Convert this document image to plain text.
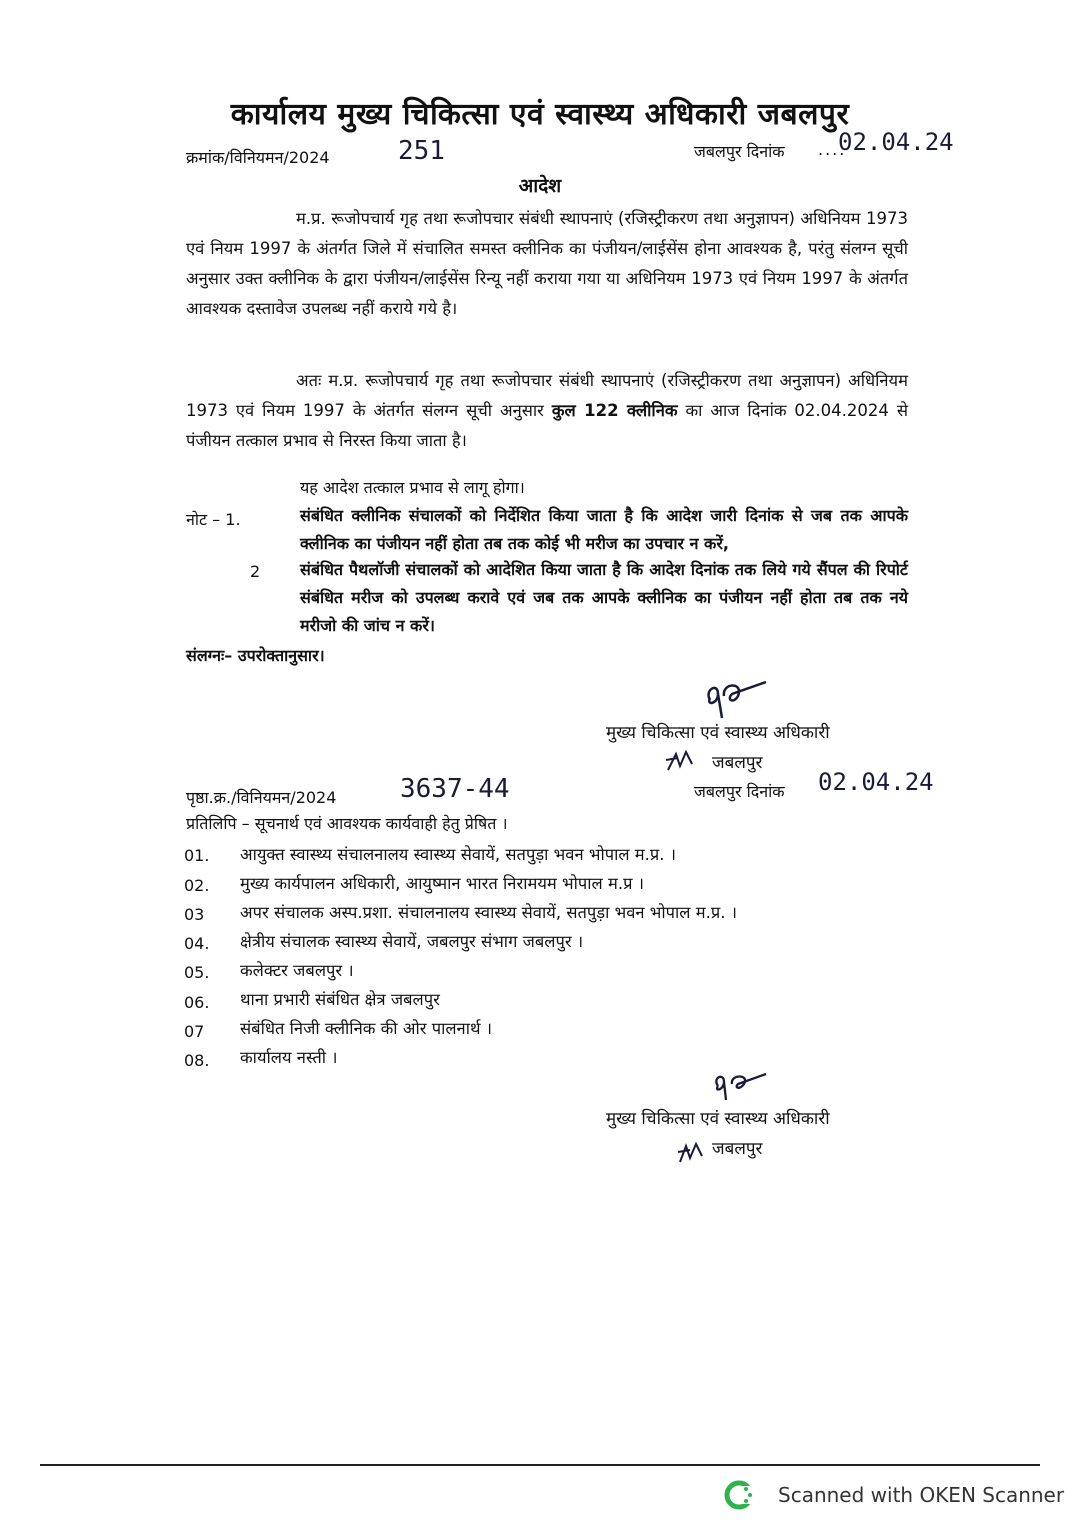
कार्यालय मुख्य चिकित्सा एवं स्वास्थ्य अधिकारी जबलपुर
क्रमांक/विनियमन/2024	251	जबलपुर दिनांक ....
02.04.24
आदेश
म.प्र. रूजोपचार्य गृह तथा रूजोपचार संबंधी स्थापनाएं (रजिस्ट्रीकरण तथा अनुज्ञापन) अधिनियम 1973 एवं नियम 1997 के अंतर्गत जिले में संचालित समस्त क्लीनिक का पंजीयन/लाईसेंस होना आवश्यक है, परंतु संलग्न सूची अनुसार उक्त क्लीनिक के द्वारा पंजीयन/लाईसेंस रिन्यू नहीं कराया गया या अधिनियम 1973 एवं नियम 1997 के अंतर्गत आवश्यक दस्तावेज उपलब्ध नहीं कराये गये है।
अतः म.प्र. रूजोपचार्य गृह तथा रूजोपचार संबंधी स्थापनाएं (रजिस्ट्रीकरण तथा अनुज्ञापन) अधिनियम 1973 एवं नियम 1997 के अंतर्गत संलग्न सूची अनुसार कुल 122 क्लीनिक का आज दिनांक 02.04.2024 से पंजीयन तत्काल प्रभाव से निरस्त किया जाता है।
यह आदेश तत्काल प्रभाव से लागू होगा।
नोट – 1.	संबंधित क्लीनिक संचालकों को निर्देशित किया जाता है कि आदेश जारी दिनांक से जब तक आपके क्लीनिक का पंजीयन नहीं होता तब तक कोई भी मरीज का उपचार न करें,
2 संबंधित पैथलॉजी संचालकों को आदेशित किया जाता है कि आदेश दिनांक तक लिये गये सैंपल की रिपोर्ट संबंधित मरीज को उपलब्ध करावे एवं जब तक आपके क्लीनिक का पंजीयन नहीं होता तब तक नये मरीजो की जांच न करें।
संलग्नः– उपरोक्तानुसार।
मुख्य चिकित्सा एवं स्वास्थ्य अधिकारी
जबलपुर
पृष्ठा.क्र./विनियमन/2024 3637-44	जबलपुर दिनांक 02.04.24
प्रतिलिपि – सूचनार्थ एवं आवश्यक कार्यवाही हेतु प्रेषित ।
01. आयुक्त स्वास्थ्य संचालनालय स्वास्थ्य सेवायें, सतपुड़ा भवन भोपाल म.प्र. ।
02. मुख्य कार्यपालन अधिकारी, आयुष्मान भारत निरामयम भोपाल म.प्र ।
03 अपर संचालक अस्प.प्रशा. संचालनालय स्वास्थ्य सेवायें, सतपुड़ा भवन भोपाल म.प्र. ।
04. क्षेत्रीय संचालक स्वास्थ्य सेवायें, जबलपुर संभाग जबलपुर ।
05. कलेक्टर जबलपुर ।
06. थाना प्रभारी संबंधित क्षेत्र जबलपुर
07 संबंधित निजी क्लीनिक की ओर पालनार्थ ।
08. कार्यालय नस्ती ।
मुख्य चिकित्सा एवं स्वास्थ्य अधिकारी
जबलपुर
Scanned with OKEN Scanner
